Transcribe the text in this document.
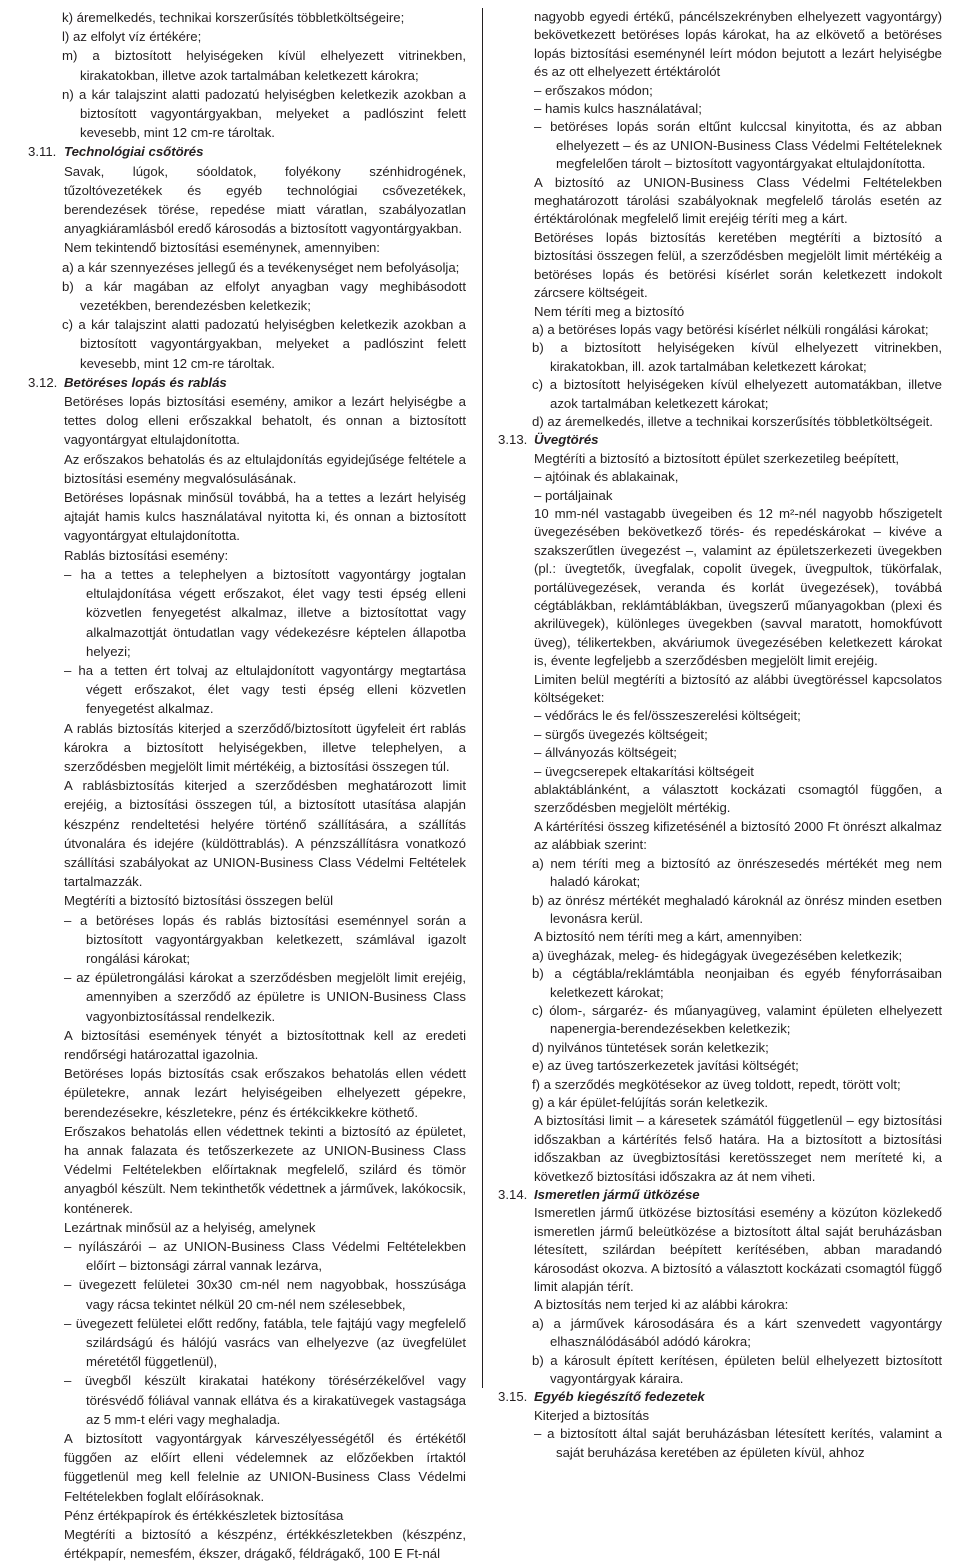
k) áremelkedés, technikai korszerűsítés többletköltségeire;

l) az elfolyt víz értékére;

m) a biztosított helyiségeken kívül elhelyezett vitrinekben, kirakatokban, illetve azok tartalmában keletkezett károkra;

n) a kár talajszint alatti padozatú helyiségben keletkezik azokban a biztosított vagyontárgyakban, melyeket a padlószint felett kevesebb, mint 12 cm-re tároltak.

3.11. Technológiai csőtörés

Savak, lúgok, sóoldatok, folyékony szénhidrogének, tűzoltóvezetékek és egyéb technológiai csővezetékek, berendezések törése, repedése miatt váratlan, szabályozatlan anyagkiáramlásból eredő károsodás a biztosított vagyontárgyakban.

Nem tekintendő biztosítási eseménynek, amennyiben:

a) a kár szennyezéses jellegű és a tevékenységet nem befolyásolja;

b) a kár magában az elfolyt anyagban vagy meghibásodott vezetékben, berendezésben keletkezik;

c) a kár talajszint alatti padozatú helyiségben keletkezik azokban a biztosított vagyontárgyakban, melyeket a padlószint felett kevesebb, mint 12 cm-re tároltak.

3.12. Betöréses lopás és rablás

Betöréses lopás biztosítási esemény, amikor a lezárt helyiségbe a tettes dolog elleni erőszakkal behatolt, és onnan a biztosított vagyontárgyat eltulajdonította.

Az erőszakos behatolás és az eltulajdonítás egyidejűsége feltétele a biztosítási esemény megvalósulásának.

Betöréses lopásnak minősül továbbá, ha a tettes a lezárt helyiség ajtaját hamis kulcs használatával nyitotta ki, és onnan a biztosított vagyontárgyat eltulajdonította.

Rablás biztosítási esemény:

– ha a tettes a telephelyen a biztosított vagyontárgy jogtalan eltulajdonítása végett erőszakot, élet vagy testi épség elleni közvetlen fenyegetést alkalmaz, illetve a biztosítottat vagy alkalmazottját öntudatlan vagy védekezésre képtelen állapotba helyezi;

– ha a tetten ért tolvaj az eltulajdonított vagyontárgy megtartása végett erőszakot, élet vagy testi épség elleni közvetlen fenyegetést alkalmaz.

A rablás biztosítás kiterjed a szerződő/biztosított ügyfeleit ért rablás károkra a biztosított helyiségekben, illetve telephelyen, a szerződésben megjelölt limit mértékéig, a biztosítási összegen túl.

A rablásbiztosítás kiterjed a szerződésben meghatározott limit erejéig, a biztosítási összegen túl, a biztosított utasítása alapján készpénz rendeltetési helyére történő szállítására, a szállítás útvonalára és idejére (küldöttrablás). A pénzszállításra vonatkozó szállítási szabályokat az UNION-Business Class Védelmi Feltételek tartalmazzák.

Megtéríti a biztosító biztosítási összegen belül

– a betöréses lopás és rablás biztosítási eseménnyel során a biztosított vagyontárgyakban keletkezett, számlával igazolt rongálási károkat;

– az épületrongálási károkat a szerződésben megjelölt limit erejéig, amennyiben a szerződő az épületre is UNION-Business Class vagyonbiztosítással rendelkezik.

A biztosítási események tényét a biztosítottnak kell az eredeti rendőrségi határozattal igazolnia.

Betöréses lopás biztosítás csak erőszakos behatolás ellen védett épületekre, annak lezárt helyiségeiben elhelyezett gépekre, berendezésekre, készletekre, pénz és értékcikkekre köthető.

Erőszakos behatolás ellen védettnek tekinti a biztosító az épületet, ha annak falazata és tetőszerkezete az UNION-Business Class Védelmi Feltételekben előírtaknak megfelelő, szilárd és tömör anyagból készült. Nem tekinthetők védettnek a járművek, lakókocsik, konténerek.

Lezártnak minősül az a helyiség, amelynek

– nyílászárói – az UNION-Business Class Védelmi Feltételekben előírt – biztonsági zárral vannak lezárva,

– üvegezett felületei 30x30 cm-nél nem nagyobbak, hosszúsága vagy rácsa tekintet nélkül 20 cm-nél nem szélesebbek,

– üvegezett felületei előtt redőny, fatábla, tele fajtájú vagy megfelelő szilárdságú és hálójú vasrács van elhelyezve (az üvegfelület méretétől függetlenül),

– üvegből készült kirakatai hatékony törésérzékelővel vagy törésvédő fóliával vannak ellátva és a kirakatüvegek vastagsága az 5 mm-t eléri vagy meghaladja.

A biztosított vagyontárgyak kárveszélyességétől és értékétől függően az előírt elleni védelemnek az előzőekben írtaktól függetlenül meg kell felelnie az UNION-Business Class Védelmi Feltételekben foglalt előírásoknak.

Pénz értékpapírok és értékkészletek biztosítása

Megtéríti a biztosító a készpénz, értékkészletekben (készpénz, értékpapír, nemesfém, ékszer, drágakő, féldrágakő, 100 E Ft-nál

nagyobb egyedi értékű, páncélszekrényben elhelyezett vagyontárgy) bekövetkezett betöréses lopás károkat, ha az elkövető a betöréses lopás biztosítási eseménynél leírt módon bejutott a lezárt helyiségbe és az ott elhelyezett értéktárolót

– erőszakos módon;

– hamis kulcs használatával;

– betöréses lopás során eltűnt kulccsal kinyitotta, és az abban elhelyezett – és az UNION-Business Class Védelmi Feltételeknek megfelelően tárolt – biztosított vagyontárgyakat eltulajdonította.

A biztosító az UNION-Business Class Védelmi Feltételekben meghatározott tárolási szabályoknak megfelelő tárolás esetén az értéktárolónak megfelelő limit erejéig téríti meg a kárt.

Betöréses lopás biztosítás keretében megtéríti a biztosító a biztosítási összegen felül, a szerződésben megjelölt limit mértékéig a betöréses lopás és betörési kísérlet során keletkezett indokolt zárcsere költségeit.

Nem téríti meg a biztosító

a) a betöréses lopás vagy betörési kísérlet nélküli rongálási károkat;

b) a biztosított helyiségeken kívül elhelyezett vitrinekben, kirakatokban, ill. azok tartalmában keletkezett károkat;

c) a biztosított helyiségeken kívül elhelyezett automatákban, illetve azok tartalmában keletkezett károkat;

d) az áremelkedés, illetve a technikai korszerűsítés többletköltségeit.

3.13. Üvegtörés

Megtéríti a biztosító a biztosított épület szerkezetileg beépített,

– ajtóinak és ablakainak,

– portáljainak

10 mm-nél vastagabb üvegeiben és 12 m²-nél nagyobb hőszigetelt üvegezésében bekövetkező törés- és repedéskárokat – kivéve a szakszerűtlen üvegezést –, valamint az épületszerkezeti üvegekben (pl.: üvegtetők, üvegfalak, copolit üvegek, üvegpultok, tükörfalak, portálüvegezések, veranda és korlát üvegezések), továbbá cégtáblákban, reklámtáblákban, üvegszerű műanyagokban (plexi és akrilüvegek), különleges üvegekben (savval maratott, homokfúvott üveg), télikertekben, akváriumok üvegezésében keletkezett károkat is, évente legfeljebb a szerződésben megjelölt limit erejéig.

Limiten belül megtéríti a biztosító az alábbi üvegtöréssel kapcsolatos költségeket:

– védőrács le és fel/összeszerelési költségeit;

– sürgős üvegezés költségeit;

– állványozás költségeit;

– üvegcserepek eltakarítási költségeit

ablaktáblánként, a választott kockázati csomagtól függően, a szerződésben megjelölt mértékig.

A kártérítési összeg kifizetésénél a biztosító 2000 Ft önrészt alkalmaz az alábbiak szerint:

a) nem téríti meg a biztosító az önrészesedés mértékét meg nem haladó károkat;

b) az önrész mértékét meghaladó károknál az önrész minden esetben levonásra kerül.

A biztosító nem téríti meg a kárt, amennyiben:

a) üvegházak, meleg- és hidegágyak üvegezésében keletkezik;

b) a cégtábla/reklámtábla neonjaiban és egyéb fényforrásaiban keletkezett károkat;

c) ólom-, sárgaréz- és műanyagüveg, valamint épületen elhelyezett napenergia-berendezésekben keletkezik;

d) nyilvános tüntetések során keletkezik;

e) az üveg tartószerkezetek javítási költségét;

f) a szerződés megkötésekor az üveg toldott, repedt, törött volt;

g) a kár épület-felújítás során keletkezik.

A biztosítási limit – a káresetek számától függetlenül – egy biztosítási időszakban a kártérítés felső határa. Ha a biztosított a biztosítási időszakban az üvegbiztosítási keretösszeget nem meríteté ki, a következő biztosítási időszakra az át nem viheti.

3.14. Ismeretlen jármű ütközése

Ismeretlen jármű ütközése biztosítási esemény a közúton közlekedő ismeretlen jármű beleütközése a biztosított által saját beruházásban létesített, szilárdan beépített kerítésében, abban maradandó károsodást okozva. A biztosító a választott kockázati csomagtól függő limit alapján térít.

A biztosítás nem terjed ki az alábbi károkra:

a) a járművek károsodására és a kárt szenvedett vagyontárgy elhasználódásából adódó károkra;

b) a károsult épített kerítésen, épületen belül elhelyezett biztosított vagyontárgyak káraira.

3.15. Egyéb kiegészítő fedezetek

Kiterjed a biztosítás

– a biztosított által saját beruházásban létesített kerítés, valamint a saját beruházása keretében az épületen kívül, ahhoz
